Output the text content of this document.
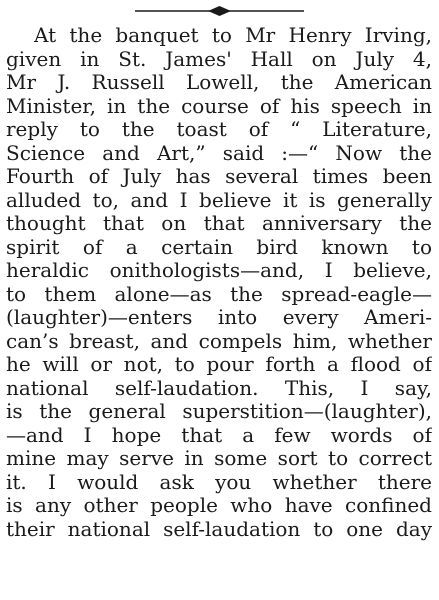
At the banquet to Mr Henry Irving,
given in St. James' Hall on July 4,
Mr J. Russell Lowell, the American
Minister, in the course of his speech in
reply to the toast of “ Literature,
Science and Art,” said :—“ Now the
Fourth of July has several times been
alluded to, and I believe it is generally
thought that on that anniversary the
spirit of a certain bird known to
heraldic onithologists—and, I believe,
to them alone—as the spread-eagle—
(laughter)—enters into every Ameri-
can’s breast, and compels him, whether
he will or not, to pour forth a flood of
national self-laudation. This, I say,
is the general superstition—(laughter),
—and I hope that a few words of
mine may serve in some sort to correct
it. I would ask you whether there
is any other people who have confined
their national self-laudation to one day
